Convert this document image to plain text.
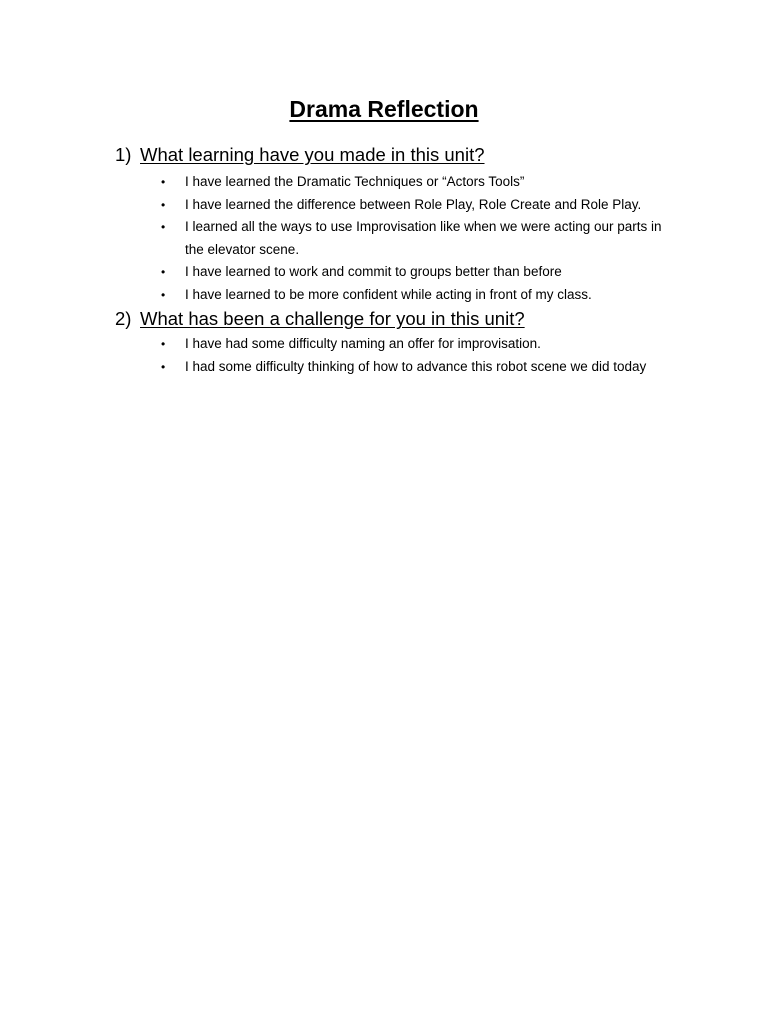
Drama Reflection
1) What learning have you made in this unit?
• I have learned the Dramatic Techniques or “Actors Tools”
• I have learned the difference between Role Play, Role Create and Role Play.
• I learned all the ways to use Improvisation like when we were acting our parts in the elevator scene.
• I have learned to work and commit to groups better than before
• I have learned to be more confident while acting in front of my class.
2) What has been a challenge for you in this unit?
• I have had some difficulty naming an offer for improvisation.
• I had some difficulty thinking of how to advance this robot scene we did today
